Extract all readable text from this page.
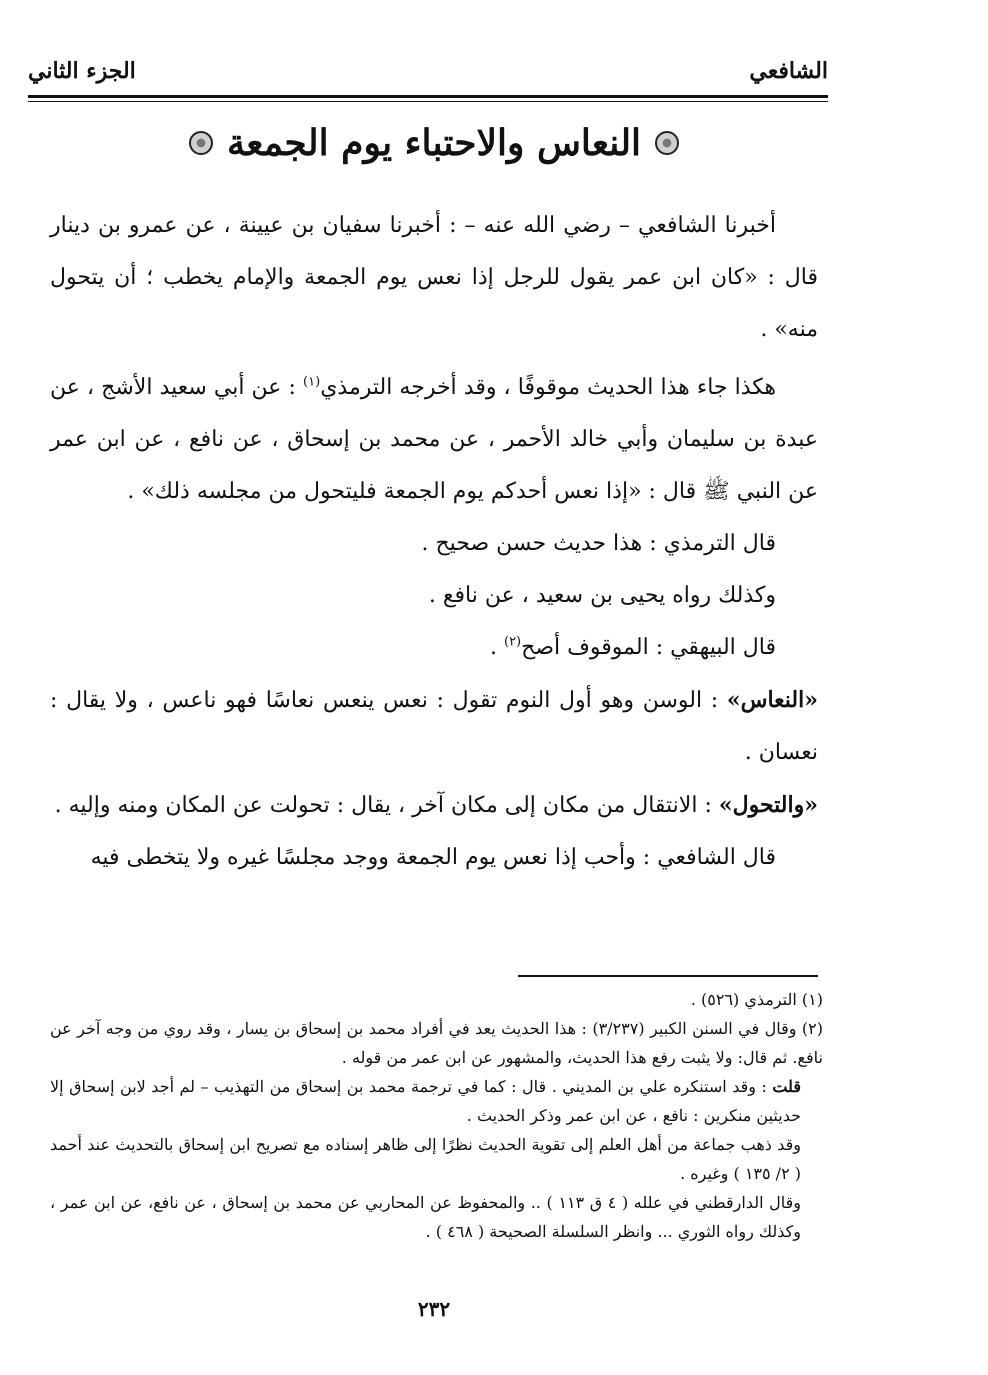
الشافعي
الجزء الثاني
النعاس والاحتباء يوم الجمعة

أخبرنا الشافعي – رضي الله عنه – : أخبرنا سفيان بن عيينة ، عن عمرو بن دينار قال : «كان ابن عمر يقول للرجل إذا نعس يوم الجمعة والإمام يخطب ؛ أن يتحول منه» .

هكذا جاء هذا الحديث موقوفًا ، وقد أخرجه الترمذي$^{(١)}$ : عن أبي سعيد الأشج ، عن عبدة بن سليمان وأبي خالد الأحمر ، عن محمد بن إسحاق ، عن نافع ، عن ابن عمر عن النبي ﷺ قال : «إذا نعس أحدكم يوم الجمعة فليتحول من مجلسه ذلك» .

قال الترمذي : هذا حديث حسن صحيح .

وكذلك رواه يحيى بن سعيد ، عن نافع .

قال البيهقي : الموقوف أصح$^{(٢)}$ .

«النعاس» : الوسن وهو أول النوم تقول : نعس ينعس نعاسًا فهو ناعس ، ولا يقال : نعسان .

«والتحول» : الانتقال من مكان إلى مكان آخر ، يقال : تحولت عن المكان ومنه وإليه .

قال الشافعي : وأحب إذا نعس يوم الجمعة ووجد مجلسًا غيره ولا يتخطى فيه

(١) الترمذي (٥٢٦) .

(٢) وقال في السنن الكبير (٣/٢٣٧) : هذا الحديث يعد في أفراد محمد بن إسحاق بن يسار ، وقد روي من وجه آخر عن نافع. ثم قال: ولا يثبت رفع هذا الحديث، والمشهور عن ابن عمر من قوله .

قلت : وقد استنكره علي بن المديني . قال : كما في ترجمة محمد بن إسحاق من التهذيب – لم أجد لابن إسحاق إلا حديثين منكرين : نافع ، عن ابن عمر وذكر الحديث .

وقد ذهب جماعة من أهل العلم إلى تقوية الحديث نظرًا إلى ظاهر إسناده مع تصريح ابن إسحاق بالتحديث عند أحمد ( ٢/ ١٣٥ ) وغيره .

وقال الدارقطني في علله ( ٤ ق ١١٣ ) .. والمحفوظ عن المحاربي عن محمد بن إسحاق ، عن نافع، عن ابن عمر ، وكذلك رواه الثوري ... وانظر السلسلة الصحيحة ( ٤٦٨ ) .

٢٣٢
